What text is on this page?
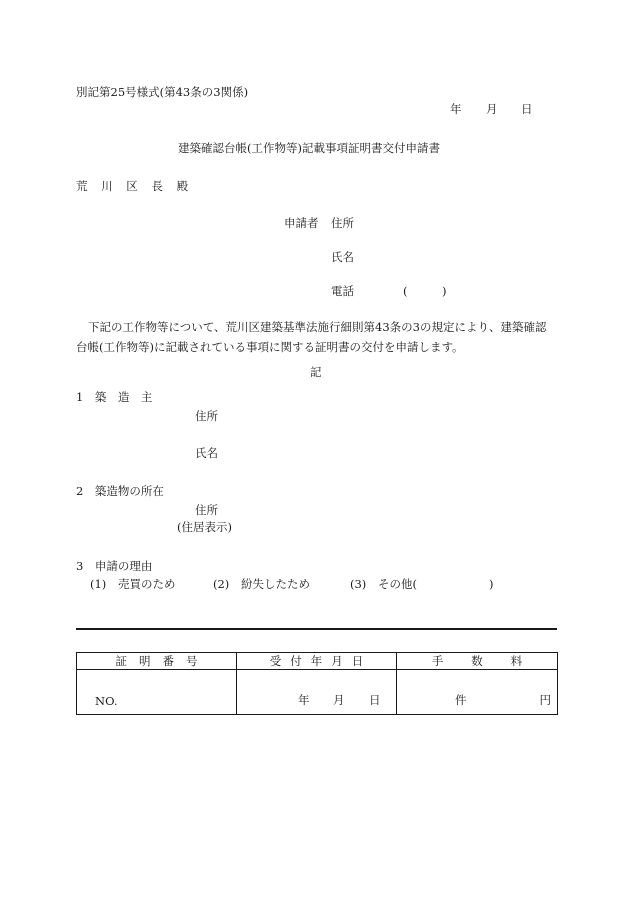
別記第25号様式(第43条の3関係)
年 月 日
建築確認台帳(工作物等)記載事項証明書交付申請書
荒 川 区 長 殿
申請者 住所
氏名
電話	(　　　)
下記の工作物等について、荒川区建築基準法施行細則第43条の3の規定により、建築確認
台帳(工作物等)に記載されている事項に関する証明書の交付を申請します。
記
1　築　造　主
住所
氏名
2　築造物の所在
住所
(住居表示)
3　申請の理由
(1) 売買のため	(2) 紛失したため	(3) その他(	)
証明番号	受付年月日	手数料

NO.	年 月 日	件 円
